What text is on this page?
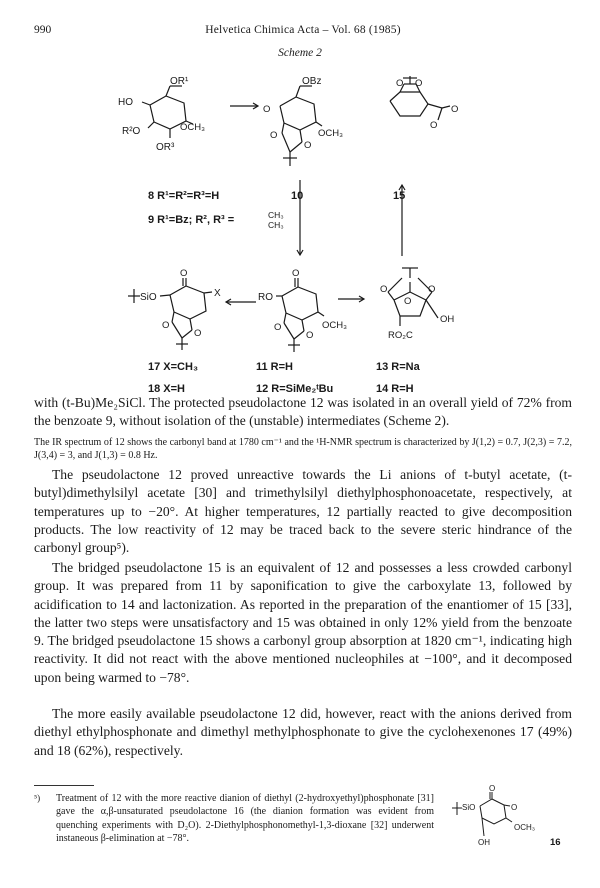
990	Helvetica Chimica Acta – Vol. 68 (1985)
Scheme 2
OR¹
HO
R²O	OCH₃
OR³
OBz
O
O
O
OCH₃
O O
O
O
8 R¹=R²=R³=H
9 R¹=Bz; R², R³ =	CH₃
CH₃
10	15
SiO	X
O
O
O
RO
O
O
O
OCH₃
O	O
O
OH
RO₂C
17 X=CH₃
18 X=H
11 R=H
12 R=SiMe₂ᵗBu
13 R=Na
14 R=H

with (t-Bu)Me₂SiCl. The protected pseudolactone 12 was isolated in an overall yield of 72% from the benzoate 9, without isolation of the (unstable) intermediates (Scheme 2).

The IR spectrum of 12 shows the carbonyl band at 1780 cm⁻¹ and the ¹H-NMR spectrum is characterized by J(1,2) = 0.7, J(2,3) = 7.2, J(3,4) = 3, and J(1,3) = 0.8 Hz.

The pseudolactone 12 proved unreactive towards the Li anions of t-butyl acetate, (t-butyl)dimethylsilyl acetate [30] and trimethylsilyl diethylphosphonoacetate, respectively, at temperatures up to −20°. At higher temperatures, 12 partially reacted to give decomposition products. The low reactivity of 12 may be traced back to the severe steric hindrance of the carbonyl group⁵).

The bridged pseudolactone 15 is an equivalent of 12 and possesses a less crowded carbonyl group. It was prepared from 11 by saponification to give the carboxylate 13, followed by acidification to 14 and lactonization. As reported in the preparation of the enantiomer of 15 [33], the latter two steps were unsatisfactory and 15 was obtained in only 12% yield from the benzoate 9. The bridged pseudolactone 15 shows a carbonyl group absorption at 1820 cm⁻¹, indicating high reactivity. It did not react with the above mentioned nucleophiles at −100°, and it decomposed upon being warmed to −78°.

The more easily available pseudolactone 12 did, however, react with the anions derived from diethyl ethylphosphonate and dimethyl methylphosphonate to give the cyclohexenones 17 (49%) and 18 (62%), respectively.

⁵) Treatment of 12 with the more reactive dianion of diethyl (2-hydroxyethyl)phosphonate [31] gave the α,β-unsaturated pseudolactone 16 (the dianion formation was evident from quenching experiments with D₂O). 2-Diethylphosphonomethyl-1,3-dioxane [32] underwent instaneous β-elimination at −78°.
SiO
O
O
OCH₃
OH	16
